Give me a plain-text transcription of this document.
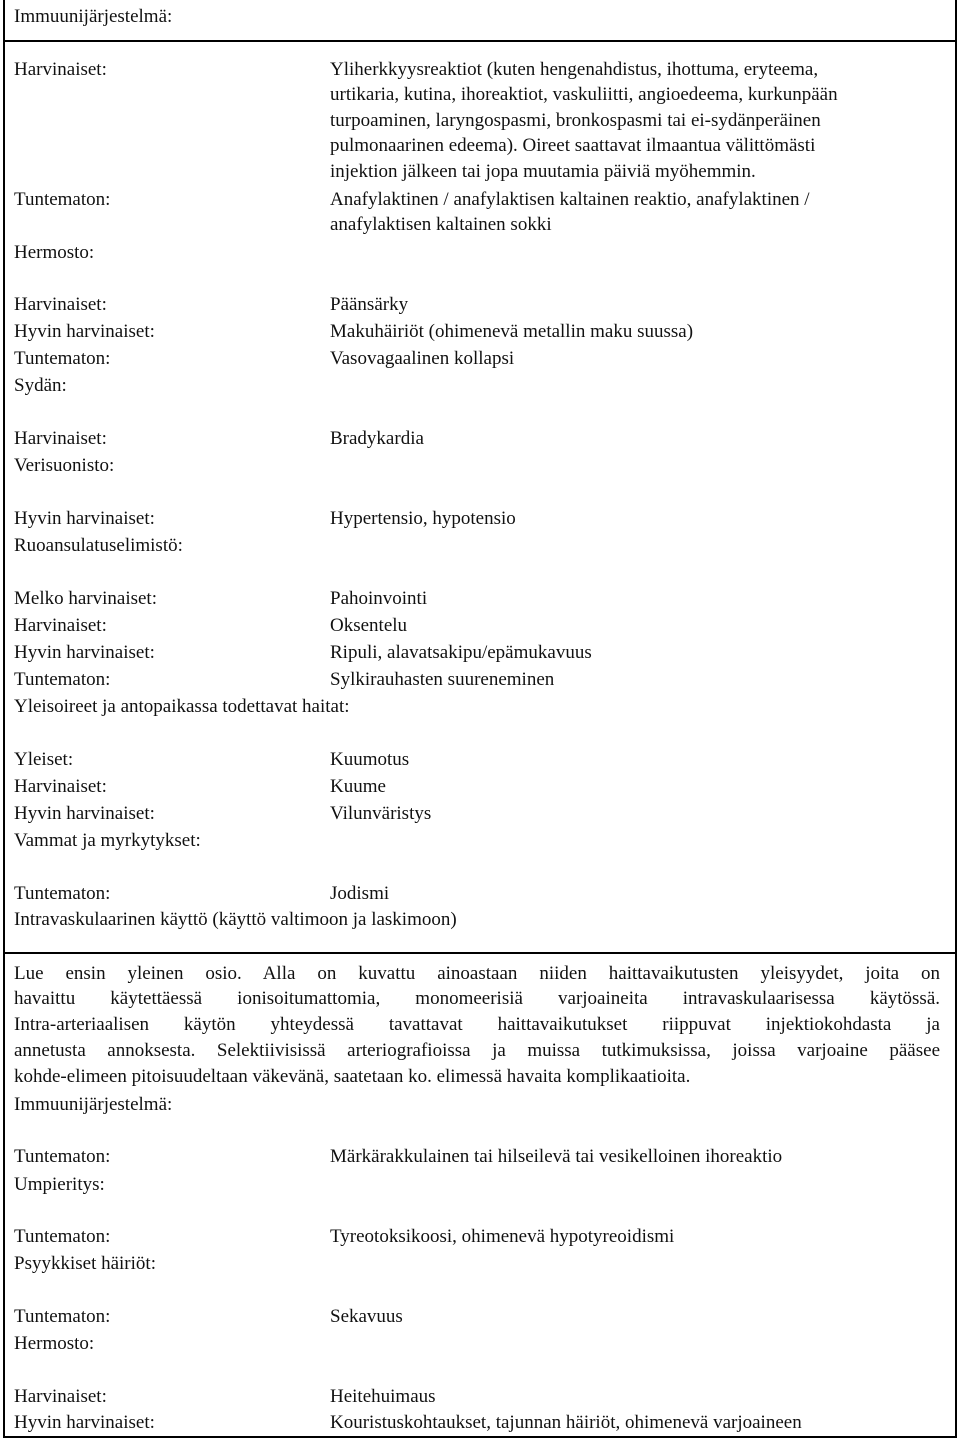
Immuunijärjestelmä:
Harvinaiset:	Yliherkkyysreaktiot (kuten hengenahdistus, ihottuma, eryteema,
urtikaria, kutina, ihoreaktiot, vaskuliitti, angioedeema, kurkunpään
turpoaminen, laryngospasmi, bronkospasmi tai ei-sydänperäinen
pulmonaarinen edeema). Oireet saattavat ilmaantua välittömästi
injektion jälkeen tai jopa muutamia päiviä myöhemmin.
Tuntematon:	Anafylaktinen / anafylaktisen kaltainen reaktio, anafylaktinen /
anafylaktisen kaltainen sokki
Hermosto:
Harvinaiset:	Päänsärky
Hyvin harvinaiset:	Makuhäiriöt (ohimenevä metallin maku suussa)
Tuntematon:	Vasovagaalinen kollapsi
Sydän:
Harvinaiset:	Bradykardia
Verisuonisto:
Hyvin harvinaiset:	Hypertensio, hypotensio
Ruoansulatuselimistö:
Melko harvinaiset:	Pahoinvointi
Harvinaiset:	Oksentelu
Hyvin harvinaiset:	Ripuli, alavatsakipu/epämukavuus
Tuntematon:	Sylkirauhasten suureneminen
Yleisoireet ja antopaikassa todettavat haitat:
Yleiset:	Kuumotus
Harvinaiset:	Kuume
Hyvin harvinaiset:	Vilunväristys
Vammat ja myrkytykset:
Tuntematon:	Jodismi
Intravaskulaarinen käyttö (käyttö valtimoon ja laskimoon)
Lue ensin yleinen osio. Alla on kuvattu ainoastaan niiden haittavaikutusten yleisyydet, joita on
havaittu käytettäessä ionisoitumattomia, monomeerisiä varjoaineita intravaskulaarisessa käytössä.
Intra-arteriaalisen käytön yhteydessä tavattavat haittavaikutukset riippuvat injektiokohdasta ja
annetusta annoksesta. Selektiivisissä arteriografioissa ja muissa tutkimuksissa, joissa varjoaine pääsee
kohde-elimeen pitoisuudeltaan väkevänä, saatetaan ko. elimessä havaita komplikaatioita.
Immuunijärjestelmä:
Tuntematon:	Märkärakkulainen tai hilseilevä tai vesikelloinen ihoreaktio
Umpieritys:
Tuntematon:	Tyreotoksikoosi, ohimenevä hypotyreoidismi
Psyykkiset häiriöt:
Tuntematon:	Sekavuus
Hermosto:
Harvinaiset:	Heitehuimaus
Hyvin harvinaiset:	Kouristuskohtaukset, tajunnan häiriöt, ohimenevä varjoaineen
